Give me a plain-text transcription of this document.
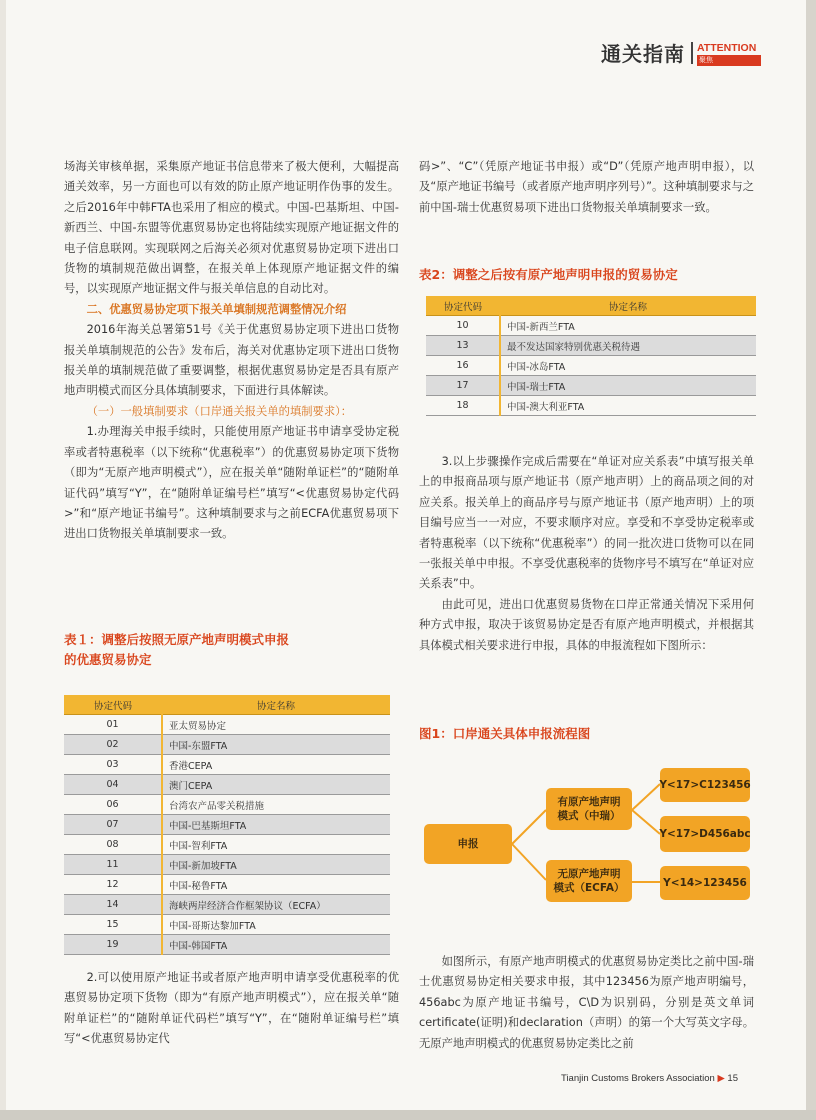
通关指南 ATTENTION
聚焦

场海关审核单据，采集原产地证书信息带来了极大便利，大幅提高通关效率，另一方面也可以有效的防止原产地证明作伪事的发生。之后2016年中韩FTA也采用了相应的模式。中国-巴基斯坦、中国-新西兰、中国-东盟等优惠贸易协定也将陆续实现原产地证据文件的电子信息联网。实现联网之后海关必须对优惠贸易协定项下进出口货物的填制规范做出调整，在报关单上体现原产地证据文件的编号，以实现原产地证据文件与报关单信息的自动比对。

二、优惠贸易协定项下报关单填制规范调整情况介绍

2016年海关总署第51号《关于优惠贸易协定项下进出口货物报关单填制规范的公告》发布后，海关对优惠协定项下进出口货物报关单的填制规范做了重要调整，根据优惠贸易协定是否具有原产地声明模式而区分具体填制要求，下面进行具体解读。

（一）一般填制要求（口岸通关报关单的填制要求）：

1.办理海关申报手续时，只能使用原产地证书申请享受协定税率或者特惠税率（以下统称“优惠税率”）的优惠贸易协定项下货物（即为“无原产地声明模式”），应在报关单“随附单证栏”的“随附单证代码”填写“Y”，在“随附单证编号栏”填写“<优惠贸易协定代码>”和“原产地证书编号”。这种填制要求与之前ECFA优惠贸易项下进出口货物报关单填制要求一致。

表１：调整后按照无原产地声明模式申报
的优惠贸易协定
协定代码	协定名称
01	亚太贸易协定
02	中国-东盟FTA
03	香港CEPA
04	澳门CEPA
06	台湾农产品零关税措施
07	中国-巴基斯坦FTA
08	中国-智利FTA
11	中国-新加坡FTA
12	中国-秘鲁FTA
14	海峡两岸经济合作框架协议（ECFA）
15	中国-哥斯达黎加FTA
19	中国-韩国FTA

2.可以使用原产地证书或者原产地声明申请享受优惠税率的优惠贸易协定项下货物（即为“有原产地声明模式”），应在报关单“随附单证栏”的“随附单证代码栏”填写“Y”，在“随附单证编号栏”填写“<优惠贸易协定代

码>”、“C”（凭原产地证书申报）或“D”（凭原产地声明申报），以及“原产地证书编号（或者原产地声明序列号）”。这种填制要求与之前中国-瑞士优惠贸易项下进出口货物报关单填制要求一致。

表2：调整之后按有原产地声明申报的贸易协定
协定代码	协定名称
10	中国-新西兰FTA
13	最不发达国家特别优惠关税待遇
16	中国-冰岛FTA
17	中国-瑞士FTA
18	中国-澳大利亚FTA

3.以上步骤操作完成后需要在“单证对应关系表”中填写报关单上的申报商品项与原产地证书（原产地声明）上的商品项之间的对应关系。报关单上的商品序号与原产地证书（原产地声明）上的项目编号应当一一对应，不要求顺序对应。享受和不享受协定税率或者特惠税率（以下统称“优惠税率”）的同一批次进口货物可以在同一张报关单中申报。不享受优惠税率的货物序号不填写在“单证对应关系表”中。

由此可见，进出口优惠贸易货物在口岸正常通关情况下采用何种方式申报，取决于该贸易协定是否有原产地声明模式，并根据其具体模式相关要求进行申报，具体的申报流程如下图所示：

图1：口岸通关具体申报流程图
申报
有原产地声明
模式（中瑞）
无原产地声明
模式（ECFA）
Y<17>C123456
Y<17>D456abc
Y<14>123456

如图所示，有原产地声明模式的优惠贸易协定类比之前中国-瑞士优惠贸易协定相关要求申报，其中123456为原产地声明编号，456abc为原产地证书编号，C\D为识别码，分别是英文单词certificate(证明)和declaration（声明）的第一个大写英文字母。无原产地声明模式的优惠贸易协定类比之前

Tianjin Customs Brokers Association ▶ 15
